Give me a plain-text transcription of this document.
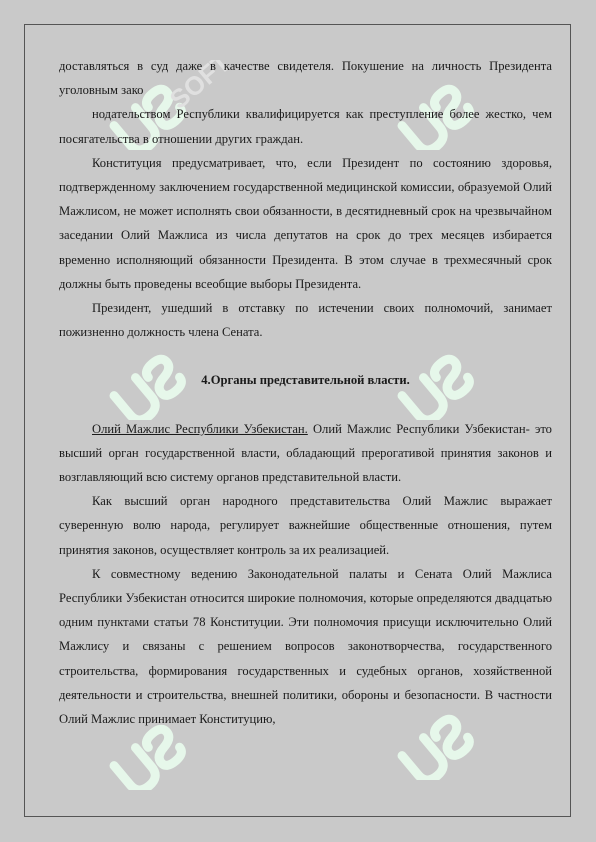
SOFT

доставляться в суд даже в качестве свидетеля. Покушение на личность Президента уголовным зако

нодательством Республики квалифицируется как преступление более жестко, чем посягательства в отношении других граждан.

Конституция предусматривает, что, если Президент по состоянию здоровья, подтвержденному заключением государственной медицинской комиссии, образуемой Олий Мажлисом, не может исполнять свои обязанности, в десятидневный срок на чрезвычайном заседании Олий Мажлиса из числа депутатов на срок до трех месяцев избирается временно исполняющий обязанности Президента. В этом случае в трехмесячный срок должны быть проведены всеобщие выборы Президента.

Президент, ушедший в отставку по истечении своих полномочий, занимает пожизненно должность члена Сената.

4.Органы представительной власти.

Олий Мажлис Республики Узбекистан. Олий Мажлис Республики Узбекистан- это высший орган государственной власти, обладающий прерогативой принятия законов и возглавляющий всю систему органов представительной власти.

Как высший орган народного представительства Олий Мажлис выражает суверенную волю народа, регулирует важнейшие общественные отношения, путем принятия законов, осуществляет контроль за их реализацией.

К совместному ведению Законодательной палаты и Сената Олий Мажлиса Республики Узбекистан относится широкие полномочия, которые определяются двадцатью одним пунктами статьи 78 Конституции. Эти полномочия присущи исключительно Олий Мажлису и связаны с решением вопросов законотворчества, государственного строительства, формирования государственных и судебных органов, хозяйственной деятельности и строительства, внешней политики, обороны и безопасности. В частности Олий Мажлис принимает Конституцию,
